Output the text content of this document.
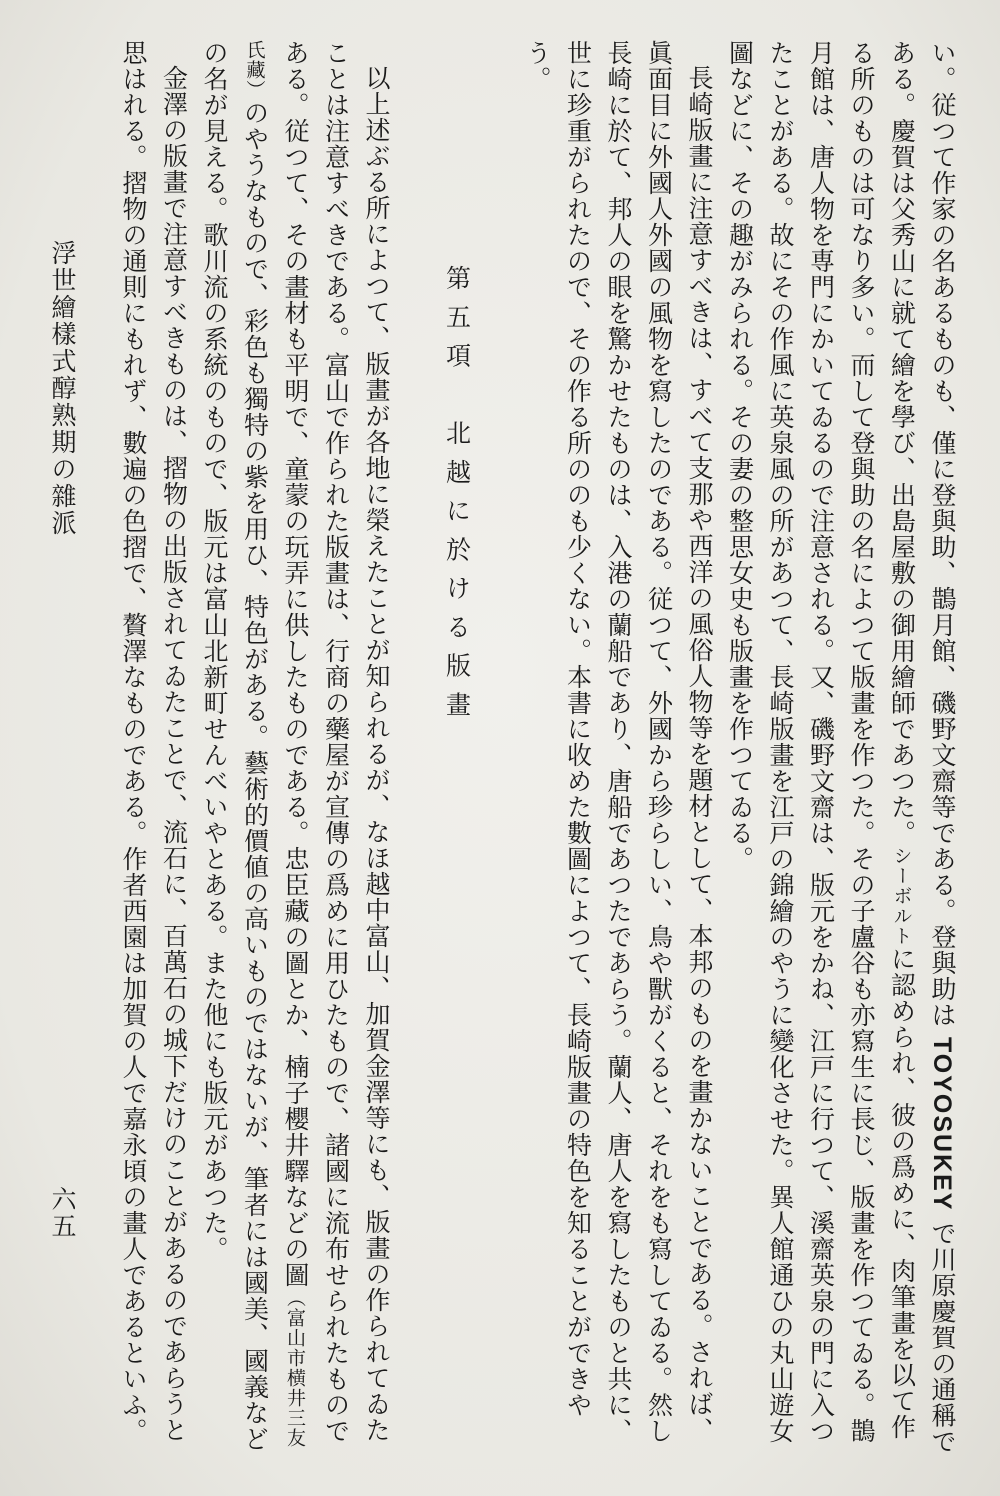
い。従つて作家の名あるものも、僅に登與助、鵲月館、磯野文齋等である。登與助は TOYOSUKEY で川原慶賀の通稱である。慶賀は父秀山に就て繪を學び、出島屋敷の御用繪師であつた。シーボルトに認められ、彼の爲めに、肉筆畫を以て作る所のものは可なり多い。而して登與助の名によつて版畫を作つた。その子盧谷も亦寫生に長じ、版畫を作つてゐる。鵲月館は、唐人物を専門にかいてゐるので注意される。又、磯野文齋は、版元をかね、江戸に行つて、溪齋英泉の門に入つたことがある。故にその作風に英泉風の所があつて、長崎版畫を江戸の錦繪のやうに變化させた。異人館通ひの丸山遊女圖などに、その趣がみられる。その妻の整思女史も版畫を作つてゐる。

長崎版畫に注意すべきは、すべて支那や西洋の風俗人物等を題材として、本邦のものを畫かないことである。されば、眞面目に外國人外國の風物を寫したのである。従つて、外國から珍らしい、鳥や獸がくると、それをも寫してゐる。然し長崎に於て、邦人の眼を驚かせたものは、入港の蘭船であり、唐船であつたであらう。蘭人、唐人を寫したものと共に、世に珍重がられたので、その作る所ののも少くない。本書に收めた數圖によつて、長崎版畫の特色を知ることができやう。

第五項　北越に於ける版畫

以上述ぶる所によつて、版畫が各地に榮えたことが知られるが、なほ越中富山、加賀金澤等にも、版畫の作られてゐたことは注意すべきである。富山で作られた版畫は、行商の藥屋が宣傳の爲めに用ひたもので、諸國に流布せられたものである。従つて、その畫材も平明で、童蒙の玩弄に供したものである。忠臣藏の圖とか、楠子櫻井驛などの圖（富山市横井三友氏藏）のやうなもので、彩色も獨特の紫を用ひ、特色がある。藝術的價値の高いものではないが、筆者には國美、國義などの名が見える。歌川流の系統のもので、版元は富山北新町せんべいやとある。また他にも版元があつた。

金澤の版畫で注意すべきものは、摺物の出版されてゐたことで、流石に、百萬石の城下だけのことがあるのであらうと思はれる。摺物の通則にもれず、數遍の色摺で、贅澤なものである。作者西園は加賀の人で嘉永頃の畫人であるといふ。

浮世繪樣式醇熟期の雜派
六五
